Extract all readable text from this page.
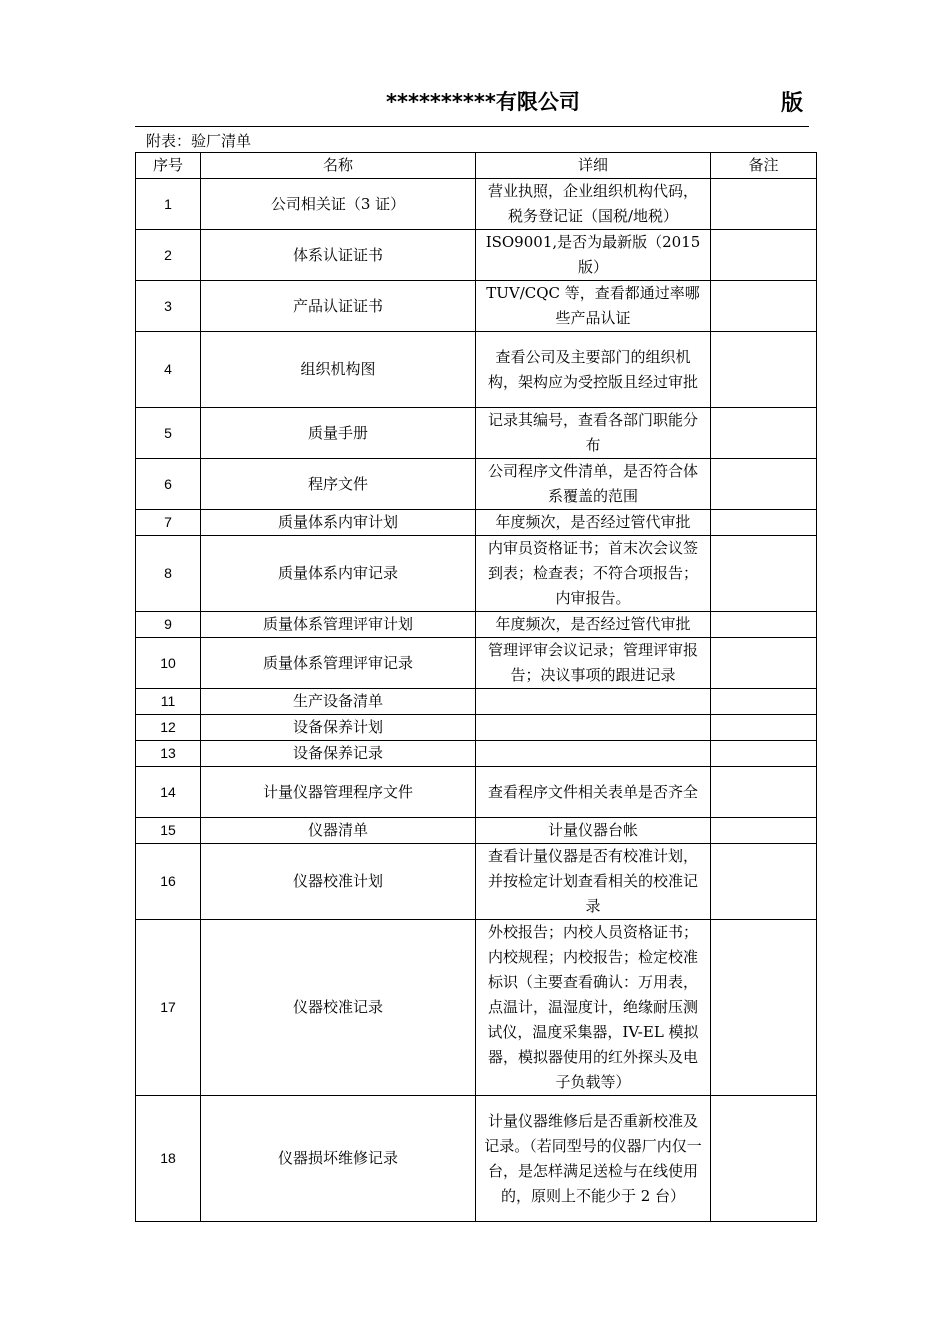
**********有限公司	版
附表：验厂清单
序号	名称	详细	备注
1	公司相关证（3 证）	营业执照，企业组织机构代码，税务登记证（国税/地税）	
2	体系认证证书	ISO9001,是否为最新版（2015版）	
3	产品认证证书	TUV/CQC 等，查看都通过率哪些产品认证	
4	组织机构图	查看公司及主要部门的组织机构，架构应为受控版且经过审批	
5	质量手册	记录其编号，查看各部门职能分布	
6	程序文件	公司程序文件清单，是否符合体系覆盖的范围	
7	质量体系内审计划	年度频次，是否经过管代审批	
8	质量体系内审记录	内审员资格证书；首末次会议签到表；检查表；不符合项报告；内审报告。	
9	质量体系管理评审计划	年度频次，是否经过管代审批	
10	质量体系管理评审记录	管理评审会议记录；管理评审报告；决议事项的跟进记录	
11	生产设备清单		
12	设备保养计划		
13	设备保养记录		
14	计量仪器管理程序文件	查看程序文件相关表单是否齐全	
15	仪器清单	计量仪器台帐	
16	仪器校准计划	查看计量仪器是否有校准计划，并按检定计划查看相关的校准记录	
17	仪器校准记录	外校报告；内校人员资格证书；内校规程；内校报告；检定校准标识（主要查看确认：万用表，点温计，温湿度计，绝缘耐压测试仪，温度采集器，IV-EL 模拟器，模拟器使用的红外探头及电子负载等）	
18	仪器损坏维修记录	计量仪器维修后是否重新校准及记录。（若同型号的仪器厂内仅一台，是怎样满足送检与在线使用的，原则上不能少于 2 台）	
